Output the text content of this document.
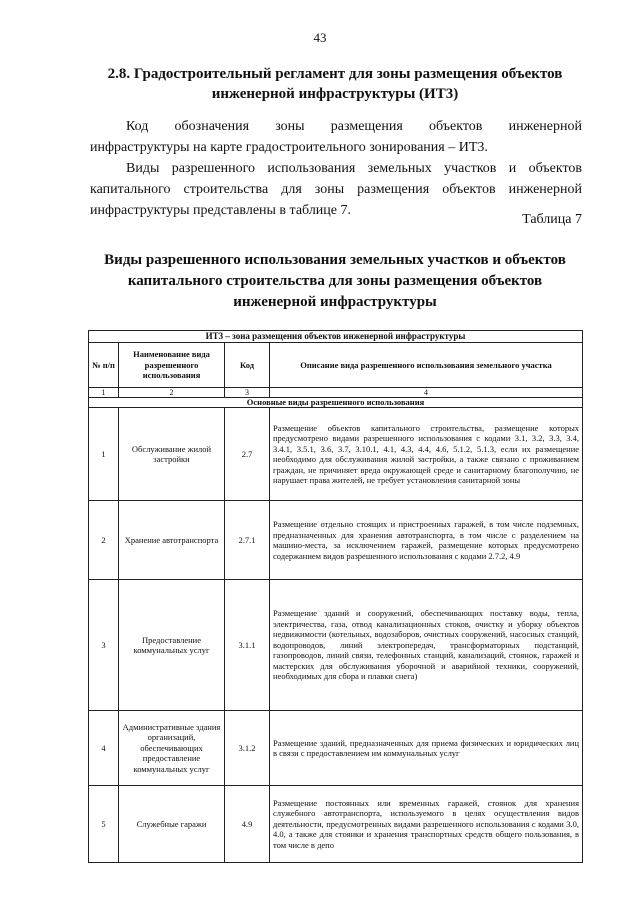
43
2.8. Градостроительный регламент для зоны размещения объектов
инженерной инфраструктуры (ИТ3)
Код обозначения зоны размещения объектов инженерной
инфраструктуры на карте градостроительного зонирования – ИТ3.
Виды разрешенного использования земельных участков и объектов
капитального строительства для зоны размещения объектов инженерной
инфраструктуры представлены в таблице 7.
Таблица 7
Виды разрешенного использования земельных участков и объектов
капитального строительства для зоны размещения объектов
инженерной инфраструктуры
ИТ3 – зона размещения объектов инженерной инфраструктуры			
№ п/п	Наименование вида разрешенного использования	Код	Описание вида разрешенного использования земельного участка
1	2	3	4
Основные виды разрешенного использования			
1	Обслуживание жилой застройки	2.7	Размещение объектов капитального строительства, размещение которых предусмотрено видами разрешенного использования с кодами 3.1, 3.2, 3.3, 3.4, 3.4.1, 3.5.1, 3.6, 3.7, 3.10.1, 4.1, 4.3, 4.4, 4.6, 5.1.2, 5.1.3, если их размещение необходимо для обслуживания жилой застройки, а также связано с проживанием граждан, не причиняет вреда окружающей среде и санитарному благополучию, не нарушает права жителей, не требует установления санитарной зоны
2	Хранение автотранспорта	2.7.1	Размещение отдельно стоящих и пристроенных гаражей, в том числе подземных, предназначенных для хранения автотранспорта, в том числе с разделением на машино-места, за исключением гаражей, размещение которых предусмотрено содержанием видов разрешенного использования с кодами 2.7.2, 4.9
3	Предоставление коммунальных услуг	3.1.1	Размещение зданий и сооружений, обеспечивающих поставку воды, тепла, электричества, газа, отвод канализационных стоков, очистку и уборку объектов недвижимости (котельных, водозаборов, очистных сооружений, насосных станций, водопроводов, линий электропередач, трансформаторных подстанций, газопроводов, линий связи, телефонных станций, канализаций, стоянок, гаражей и мастерских для обслуживания уборочной и аварийной техники, сооружений, необходимых для сбора и плавки снега)
4	Административные здания организаций, обеспечивающих предоставление коммунальных услуг	3.1.2	Размещение зданий, предназначенных для приема физических и юридических лиц в связи с предоставлением им коммунальных услуг
5	Служебные гаражи	4.9	Размещение постоянных или временных гаражей, стоянок для хранения служебного автотранспорта, используемого в целях осуществления видов деятельности, предусмотренных видами разрешенного использования с кодами 3.0, 4.0, а также для стоянки и хранения транспортных средств общего пользования, в том числе в депо
